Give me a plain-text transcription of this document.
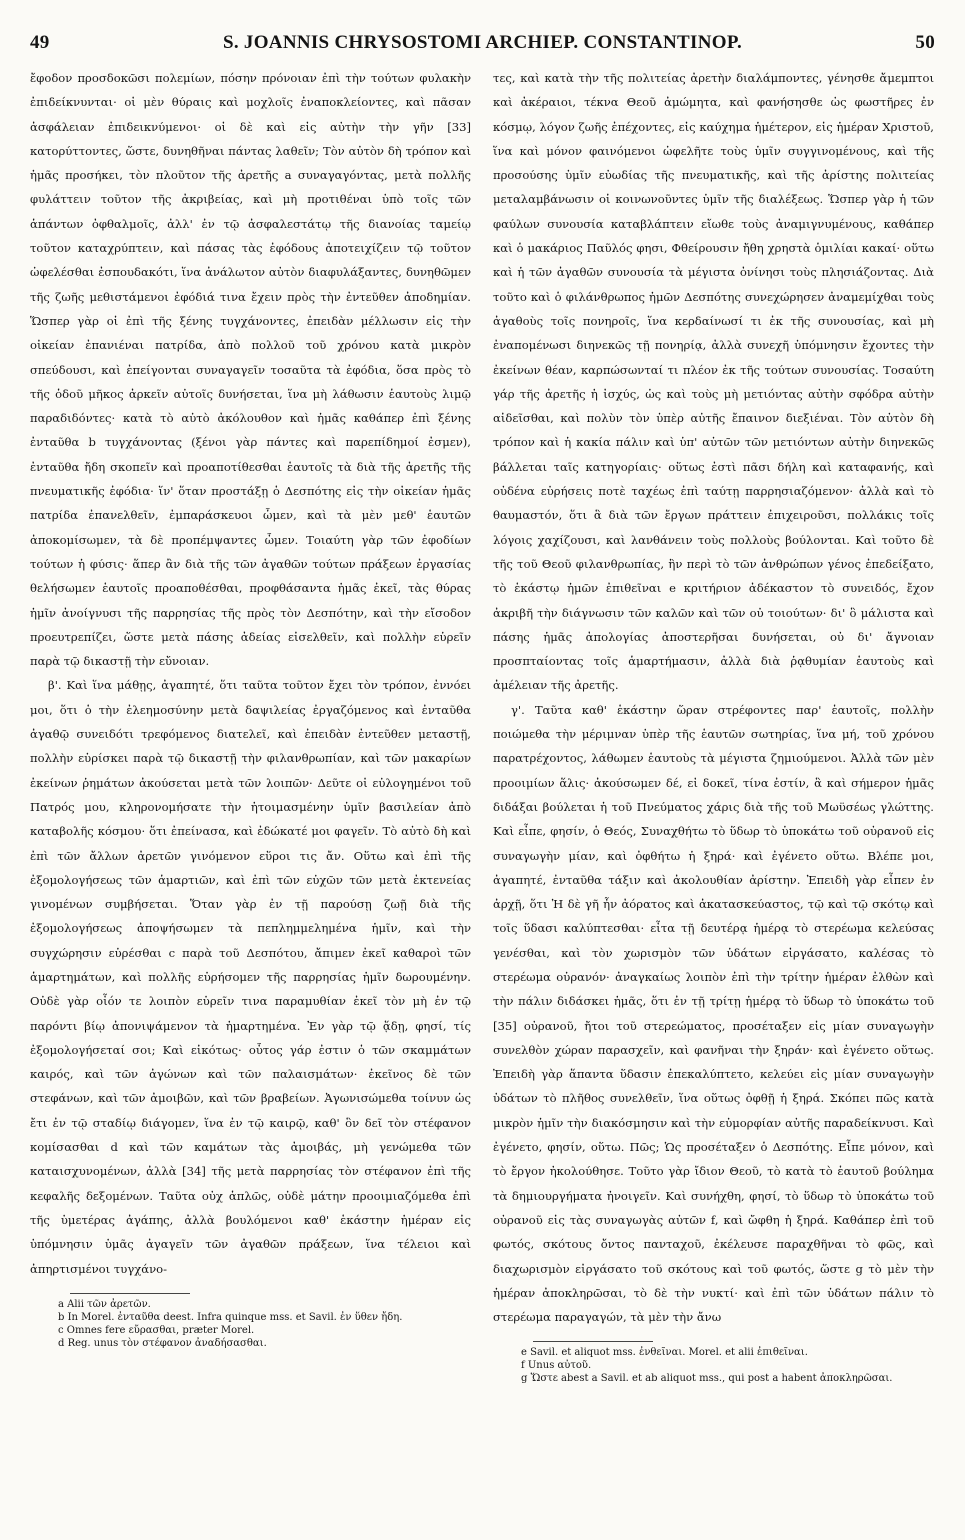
49	S. JOANNIS CHRYSOSTOMI ARCHIEP. CONSTANTINOP.	50

ἔφοδον προσδοκῶσι πολεμίων, πόσην πρόνοιαν ἐπὶ τὴν τούτων φυλακὴν ἐπιδείκνυνται· οἱ μὲν θύραις καὶ μοχλοῖς ἐναποκλείοντες, καὶ πᾶσαν ἀσφάλειαν ἐπιδεικνύμενοι· οἱ δὲ καὶ εἰς αὐτὴν τὴν γῆν [33] κατορύττοντες, ὥστε, δυνηθῆναι πάντας λαθεῖν; Τὸν αὐτὸν δὴ τρόπον καὶ ἡμᾶς προσήκει, τὸν πλοῦτον τῆς ἀρετῆς a συναγαγόντας, μετὰ πολλῆς φυλάττειν τοῦτον τῆς ἀκριβείας, καὶ μὴ προτιθέναι ὑπὸ τοῖς τῶν ἁπάντων ὀφθαλμοῖς, ἀλλ' ἐν τῷ ἀσφαλεστάτῳ τῆς διανοίας ταμείῳ τοῦτον καταχρύπτειν, καὶ πάσας τὰς ἐφόδους ἀποτειχίζειν τῷ τοῦτον ὠφελέσθαι ἐσπουδακότι, ἵνα ἀνάλωτον αὐτὸν διαφυλάξαντες, δυνηθῶμεν τῆς ζωῆς μεθιστάμενοι ἐφόδιά τινα ἔχειν πρὸς τὴν ἐντεῦθεν ἀποδημίαν. Ὥσπερ γὰρ οἱ ἐπὶ τῆς ξένης τυγχάνοντες, ἐπειδὰν μέλλωσιν εἰς τὴν οἰκείαν ἐπανιέναι πατρίδα, ἀπὸ πολλοῦ τοῦ χρόνου κατὰ μικρὸν σπεύδουσι, καὶ ἐπείγονται συναγαγεῖν τοσαῦτα τὰ ἐφόδια, ὅσα πρὸς τὸ τῆς ὁδοῦ μῆκος ἀρκεῖν αὐτοῖς δυνήσεται, ἵνα μὴ λάθωσιν ἑαυτοὺς λιμῷ παραδιδόντες· κατὰ τὸ αὐτὸ ἀκόλουθον καὶ ἡμᾶς καθάπερ ἐπὶ ξένης ἐνταῦθα b τυγχάνοντας (ξένοι γὰρ πάντες καὶ παρεπίδημοί ἐσμεν), ἐνταῦθα ἤδη σκοπεῖν καὶ προαποτίθεσθαι ἑαυτοῖς τὰ διὰ τῆς ἀρετῆς τῆς πνευματικῆς ἐφόδια· ἵν' ὅταν προστάξῃ ὁ Δεσπότης εἰς τὴν οἰκείαν ἡμᾶς πατρίδα ἐπανελθεῖν, ἐμπαράσκευοι ὦμεν, καὶ τὰ μὲν μεθ' ἑαυτῶν ἀποκομίσωμεν, τὰ δὲ προπέμψαντες ὦμεν. Τοιαύτη γὰρ τῶν ἐφοδίων τούτων ἡ φύσις· ἅπερ ἂν διὰ τῆς τῶν ἀγαθῶν τούτων πράξεων ἐργασίας θελήσωμεν ἑαυτοῖς προαποθέσθαι, προφθάσαντα ἡμᾶς ἐκεῖ, τὰς θύρας ἡμῖν ἀνοίγνυσι τῆς παρρησίας τῆς πρὸς τὸν Δεσπότην, καὶ τὴν εἴσοδον προευτρεπίζει, ὥστε μετὰ πάσης ἀδείας εἰσελθεῖν, καὶ πολλὴν εὑρεῖν παρὰ τῷ δικαστῇ τὴν εὔνοιαν.

β'. Καὶ ἵνα μάθῃς, ἀγαπητέ, ὅτι ταῦτα τοῦτον ἔχει τὸν τρόπον, ἐννόει μοι, ὅτι ὁ τὴν ἐλεημοσύνην μετὰ δαψιλείας ἐργαζόμενος καὶ ἐνταῦθα ἀγαθῷ συνειδότι τρεφόμενος διατελεῖ, καὶ ἐπειδὰν ἐντεῦθεν μεταστῇ, πολλὴν εὑρίσκει παρὰ τῷ δικαστῇ τὴν φιλανθρωπίαν, καὶ τῶν μακαρίων ἐκείνων ῥημάτων ἀκούσεται μετὰ τῶν λοιπῶν· Δεῦτε οἱ εὐλογημένοι τοῦ Πατρός μου, κληρονομήσατε τὴν ἡτοιμασμένην ὑμῖν βασιλείαν ἀπὸ καταβολῆς κόσμου· ὅτι ἐπείνασα, καὶ ἐδώκατέ μοι φαγεῖν. Τὸ αὐτὸ δὴ καὶ ἐπὶ τῶν ἄλλων ἀρετῶν γινόμενον εὕροι τις ἄν. Οὕτω καὶ ἐπὶ τῆς ἐξομολογήσεως τῶν ἁμαρτιῶν, καὶ ἐπὶ τῶν εὐχῶν τῶν μετὰ ἐκτενείας γινομένων συμβήσεται. Ὅταν γὰρ ἐν τῇ παρούσῃ ζωῇ διὰ τῆς ἐξομολογήσεως ἀποψήσωμεν τὰ πεπλημμελημένα ἡμῖν, καὶ τὴν συγχώρησιν εὑρέσθαι c παρὰ τοῦ Δεσπότου, ἄπιμεν ἐκεῖ καθαροὶ τῶν ἁμαρτημάτων, καὶ πολλῆς εὑρήσομεν τῆς παρρησίας ἡμῖν δωρουμένην. Οὐδὲ γὰρ οἷόν τε λοιπὸν εὑρεῖν τινα παραμυθίαν ἐκεῖ τὸν μὴ ἐν τῷ παρόντι βίῳ ἀπονιψάμενον τὰ ἡμαρτημένα. Ἐν γὰρ τῷ ᾅδῃ, φησί, τίς ἐξομολογήσεταί σοι; Καὶ εἰκότως· οὗτος γάρ ἐστιν ὁ τῶν σκαμμάτων καιρός, καὶ τῶν ἀγώνων καὶ τῶν παλαισμάτων· ἐκεῖνος δὲ τῶν στεφάνων, καὶ τῶν ἀμοιβῶν, καὶ τῶν βραβείων. Ἀγωνισώμεθα τοίνυν ὡς ἔτι ἐν τῷ σταδίῳ διάγομεν, ἵνα ἐν τῷ καιρῷ, καθ' ὃν δεῖ τὸν στέφανον κομίσασθαι d καὶ τῶν καμάτων τὰς ἀμοιβάς, μὴ γενώμεθα τῶν καταισχυνομένων, ἀλλὰ [34] τῆς μετὰ παρρησίας τὸν στέφανον ἐπὶ τῆς κεφαλῆς δεξομένων. Ταῦτα οὐχ ἁπλῶς, οὐδὲ μάτην προοιμιαζόμεθα ἐπὶ τῆς ὑμετέρας ἀγάπης, ἀλλὰ βουλόμενοι καθ' ἑκάστην ἡμέραν εἰς ὑπόμνησιν ὑμᾶς ἀγαγεῖν τῶν ἀγαθῶν πράξεων, ἵνα τέλειοι καὶ ἀπηρτισμένοι τυγχάνο-

a Alii τῶν ἀρετῶν.
b In Morel. ἐνταῦθα deest. Infra quinque mss. et Savil. ἐν ὕθεν ἤδη.
c Omnes fere εὔρασθαι, præter Morel.
d Reg. unus τὸν στέφανον ἀναδήσασθαι.

τες, καὶ κατὰ τὴν τῆς πολιτείας ἀρετὴν διαλάμποντες, γένησθε ἄμεμπτοι καὶ ἀκέραιοι, τέκνα Θεοῦ ἀμώμητα, καὶ φανήσησθε ὡς φωστῆρες ἐν κόσμῳ, λόγον ζωῆς ἐπέχοντες, εἰς καύχημα ἡμέτερον, εἰς ἡμέραν Χριστοῦ, ἵνα καὶ μόνον φαινόμενοι ὠφελῆτε τοὺς ὑμῖν συγγινομένους, καὶ τῆς προσούσης ὑμῖν εὐωδίας τῆς πνευματικῆς, καὶ τῆς ἀρίστης πολιτείας μεταλαμβάνωσιν οἱ κοινωνοῦντες ὑμῖν τῆς διαλέξεως. Ὥσπερ γὰρ ἡ τῶν φαύλων συνουσία καταβλάπτειν εἴωθε τοὺς ἀναμιγνυμένους, καθάπερ καὶ ὁ μακάριος Παῦλός φησι, Φθείρουσιν ἤθη χρηστὰ ὁμιλίαι κακαί· οὕτω καὶ ἡ τῶν ἀγαθῶν συνουσία τὰ μέγιστα ὀνίνησι τοὺς πλησιάζοντας. Διὰ τοῦτο καὶ ὁ φιλάνθρωπος ἡμῶν Δεσπότης συνεχώρησεν ἀναμεμίχθαι τοὺς ἀγαθοὺς τοῖς πονηροῖς, ἵνα κερδαίνωσί τι ἐκ τῆς συνουσίας, καὶ μὴ ἐναπομένωσι διηνεκῶς τῇ πονηρίᾳ, ἀλλὰ συνεχῆ ὑπόμνησιν ἔχοντες τὴν ἐκείνων θέαν, καρπώσωνταί τι πλέον ἐκ τῆς τούτων συνουσίας. Τοσαύτη γάρ τῆς ἀρετῆς ἡ ἰσχύς, ὡς καὶ τοὺς μὴ μετιόντας αὐτὴν σφόδρα αὐτὴν αἰδεῖσθαι, καὶ πολὺν τὸν ὑπὲρ αὐτῆς ἔπαινον διεξιέναι. Τὸν αὐτὸν δὴ τρόπον καὶ ἡ κακία πάλιν καὶ ὑπ' αὐτῶν τῶν μετιόντων αὐτὴν διηνεκῶς βάλλεται ταῖς κατηγορίαις· οὕτως ἐστὶ πᾶσι δήλη καὶ καταφανής, καὶ οὐδένα εὑρήσεις ποτὲ ταχέως ἐπὶ ταύτῃ παρρησιαζόμενον· ἀλλὰ καὶ τὸ θαυμαστόν, ὅτι ἃ διὰ τῶν ἔργων πράττειν ἐπιχειροῦσι, πολλάκις τοῖς λόγοις χαχίζουσι, καὶ λανθάνειν τοὺς πολλοὺς βούλονται. Καὶ τοῦτο δὲ τῆς τοῦ Θεοῦ φιλανθρωπίας, ἣν περὶ τὸ τῶν ἀνθρώπων γένος ἐπεδείξατο, τὸ ἑκάστῳ ἡμῶν ἐπιθεῖναι e κριτήριον ἀδέκαστον τὸ συνειδός, ἔχον ἀκριβῆ τὴν διάγνωσιν τῶν καλῶν καὶ τῶν οὐ τοιούτων· δι' ὃ μάλιστα καὶ πάσης ἡμᾶς ἀπολογίας ἀποστερῆσαι δυνήσεται, οὐ δι' ἄγνοιαν προσπταίοντας τοῖς ἁμαρτήμασιν, ἀλλὰ διὰ ῥᾳθυμίαν ἑαυτοὺς καὶ ἀμέλειαν τῆς ἀρετῆς.

γ'. Ταῦτα καθ' ἑκάστην ὥραν στρέφοντες παρ' ἑαυτοῖς, πολλὴν ποιώμεθα τὴν μέριμναν ὑπὲρ τῆς ἑαυτῶν σωτηρίας, ἵνα μή, τοῦ χρόνου παρατρέχοντος, λάθωμεν ἑαυτοὺς τὰ μέγιστα ζημιούμενοι. Ἀλλὰ τῶν μὲν προοιμίων ἅλις· ἀκούσωμεν δέ, εἰ δοκεῖ, τίνα ἐστίν, ἃ καὶ σήμερον ἡμᾶς διδάξαι βούλεται ἡ τοῦ Πνεύματος χάρις διὰ τῆς τοῦ Μωϋσέως γλώττης. Καὶ εἶπε, φησίν, ὁ Θεός, Συναχθήτω τὸ ὕδωρ τὸ ὑποκάτω τοῦ οὐρανοῦ εἰς συναγωγὴν μίαν, καὶ ὀφθήτω ἡ ξηρά· καὶ ἐγένετο οὕτω. Βλέπε μοι, ἀγαπητέ, ἐνταῦθα τάξιν καὶ ἀκολουθίαν ἀρίστην. Ἐπειδὴ γὰρ εἶπεν ἐν ἀρχῇ, ὅτι Ἡ δὲ γῆ ἦν ἀόρατος καὶ ἀκατασκεύαστος, τῷ καὶ τῷ σκότῳ καὶ τοῖς ὕδασι καλύπτεσθαι· εἶτα τῇ δευτέρᾳ ἡμέρᾳ τὸ στερέωμα κελεύσας γενέσθαι, καὶ τὸν χωρισμὸν τῶν ὑδάτων εἰργάσατο, καλέσας τὸ στερέωμα οὐρανόν· ἀναγκαίως λοιπὸν ἐπὶ τὴν τρίτην ἡμέραν ἐλθὼν καὶ τὴν πάλιν διδάσκει ἡμᾶς, ὅτι ἐν τῇ τρίτῃ ἡμέρᾳ τὸ ὕδωρ τὸ ὑποκάτω τοῦ [35] οὐρανοῦ, ἤτοι τοῦ στερεώματος, προσέταξεν εἰς μίαν συναγωγὴν συνελθὸν χώραν παρασχεῖν, καὶ φανῆναι τὴν ξηράν· καὶ ἐγένετο οὕτως. Ἐπειδὴ γὰρ ἅπαντα ὕδασιν ἐπεκαλύπτετο, κελεύει εἰς μίαν συναγωγὴν ὑδάτων τὸ πλῆθος συνελθεῖν, ἵνα οὕτως ὀφθῇ ἡ ξηρά. Σκόπει πῶς κατὰ μικρὸν ἡμῖν τὴν διακόσμησιν καὶ τὴν εὐμορφίαν αὐτῆς παραδείκνυσι. Καὶ ἐγένετο, φησίν, οὕτω. Πῶς; Ὡς προσέταξεν ὁ Δεσπότης. Εἶπε μόνον, καὶ τὸ ἔργον ἠκολούθησε. Τοῦτο γὰρ ἴδιον Θεοῦ, τὸ κατὰ τὸ ἑαυτοῦ βούλημα τὰ δημιουργήματα ἠνοιγεῖν. Καὶ συνήχθη, φησί, τὸ ὕδωρ τὸ ὑποκάτω τοῦ οὐρανοῦ εἰς τὰς συναγωγὰς αὐτῶν f, καὶ ὤφθη ἡ ξηρά. Καθάπερ ἐπὶ τοῦ φωτός, σκότους ὄντος πανταχοῦ, ἐκέλευσε παραχθῆναι τὸ φῶς, καὶ διαχωρισμὸν εἰργάσατο τοῦ σκότους καὶ τοῦ φωτός, ὥστε g τὸ μὲν τὴν ἡμέραν ἀποκληρῶσαι, τὸ δὲ τὴν νυκτί· καὶ ἐπὶ τῶν ὑδάτων πάλιν τὸ στερέωμα παραγαγών, τὰ μὲν τὴν ἄνω

e Savil. et aliquot mss. ἐνθεῖναι. Morel. et alii ἐπιθεῖναι.
f Unus αὐτοῦ.
g Ὥστε abest a Savil. et ab aliquot mss., qui post a habent ἀποκληρῶσαι.
